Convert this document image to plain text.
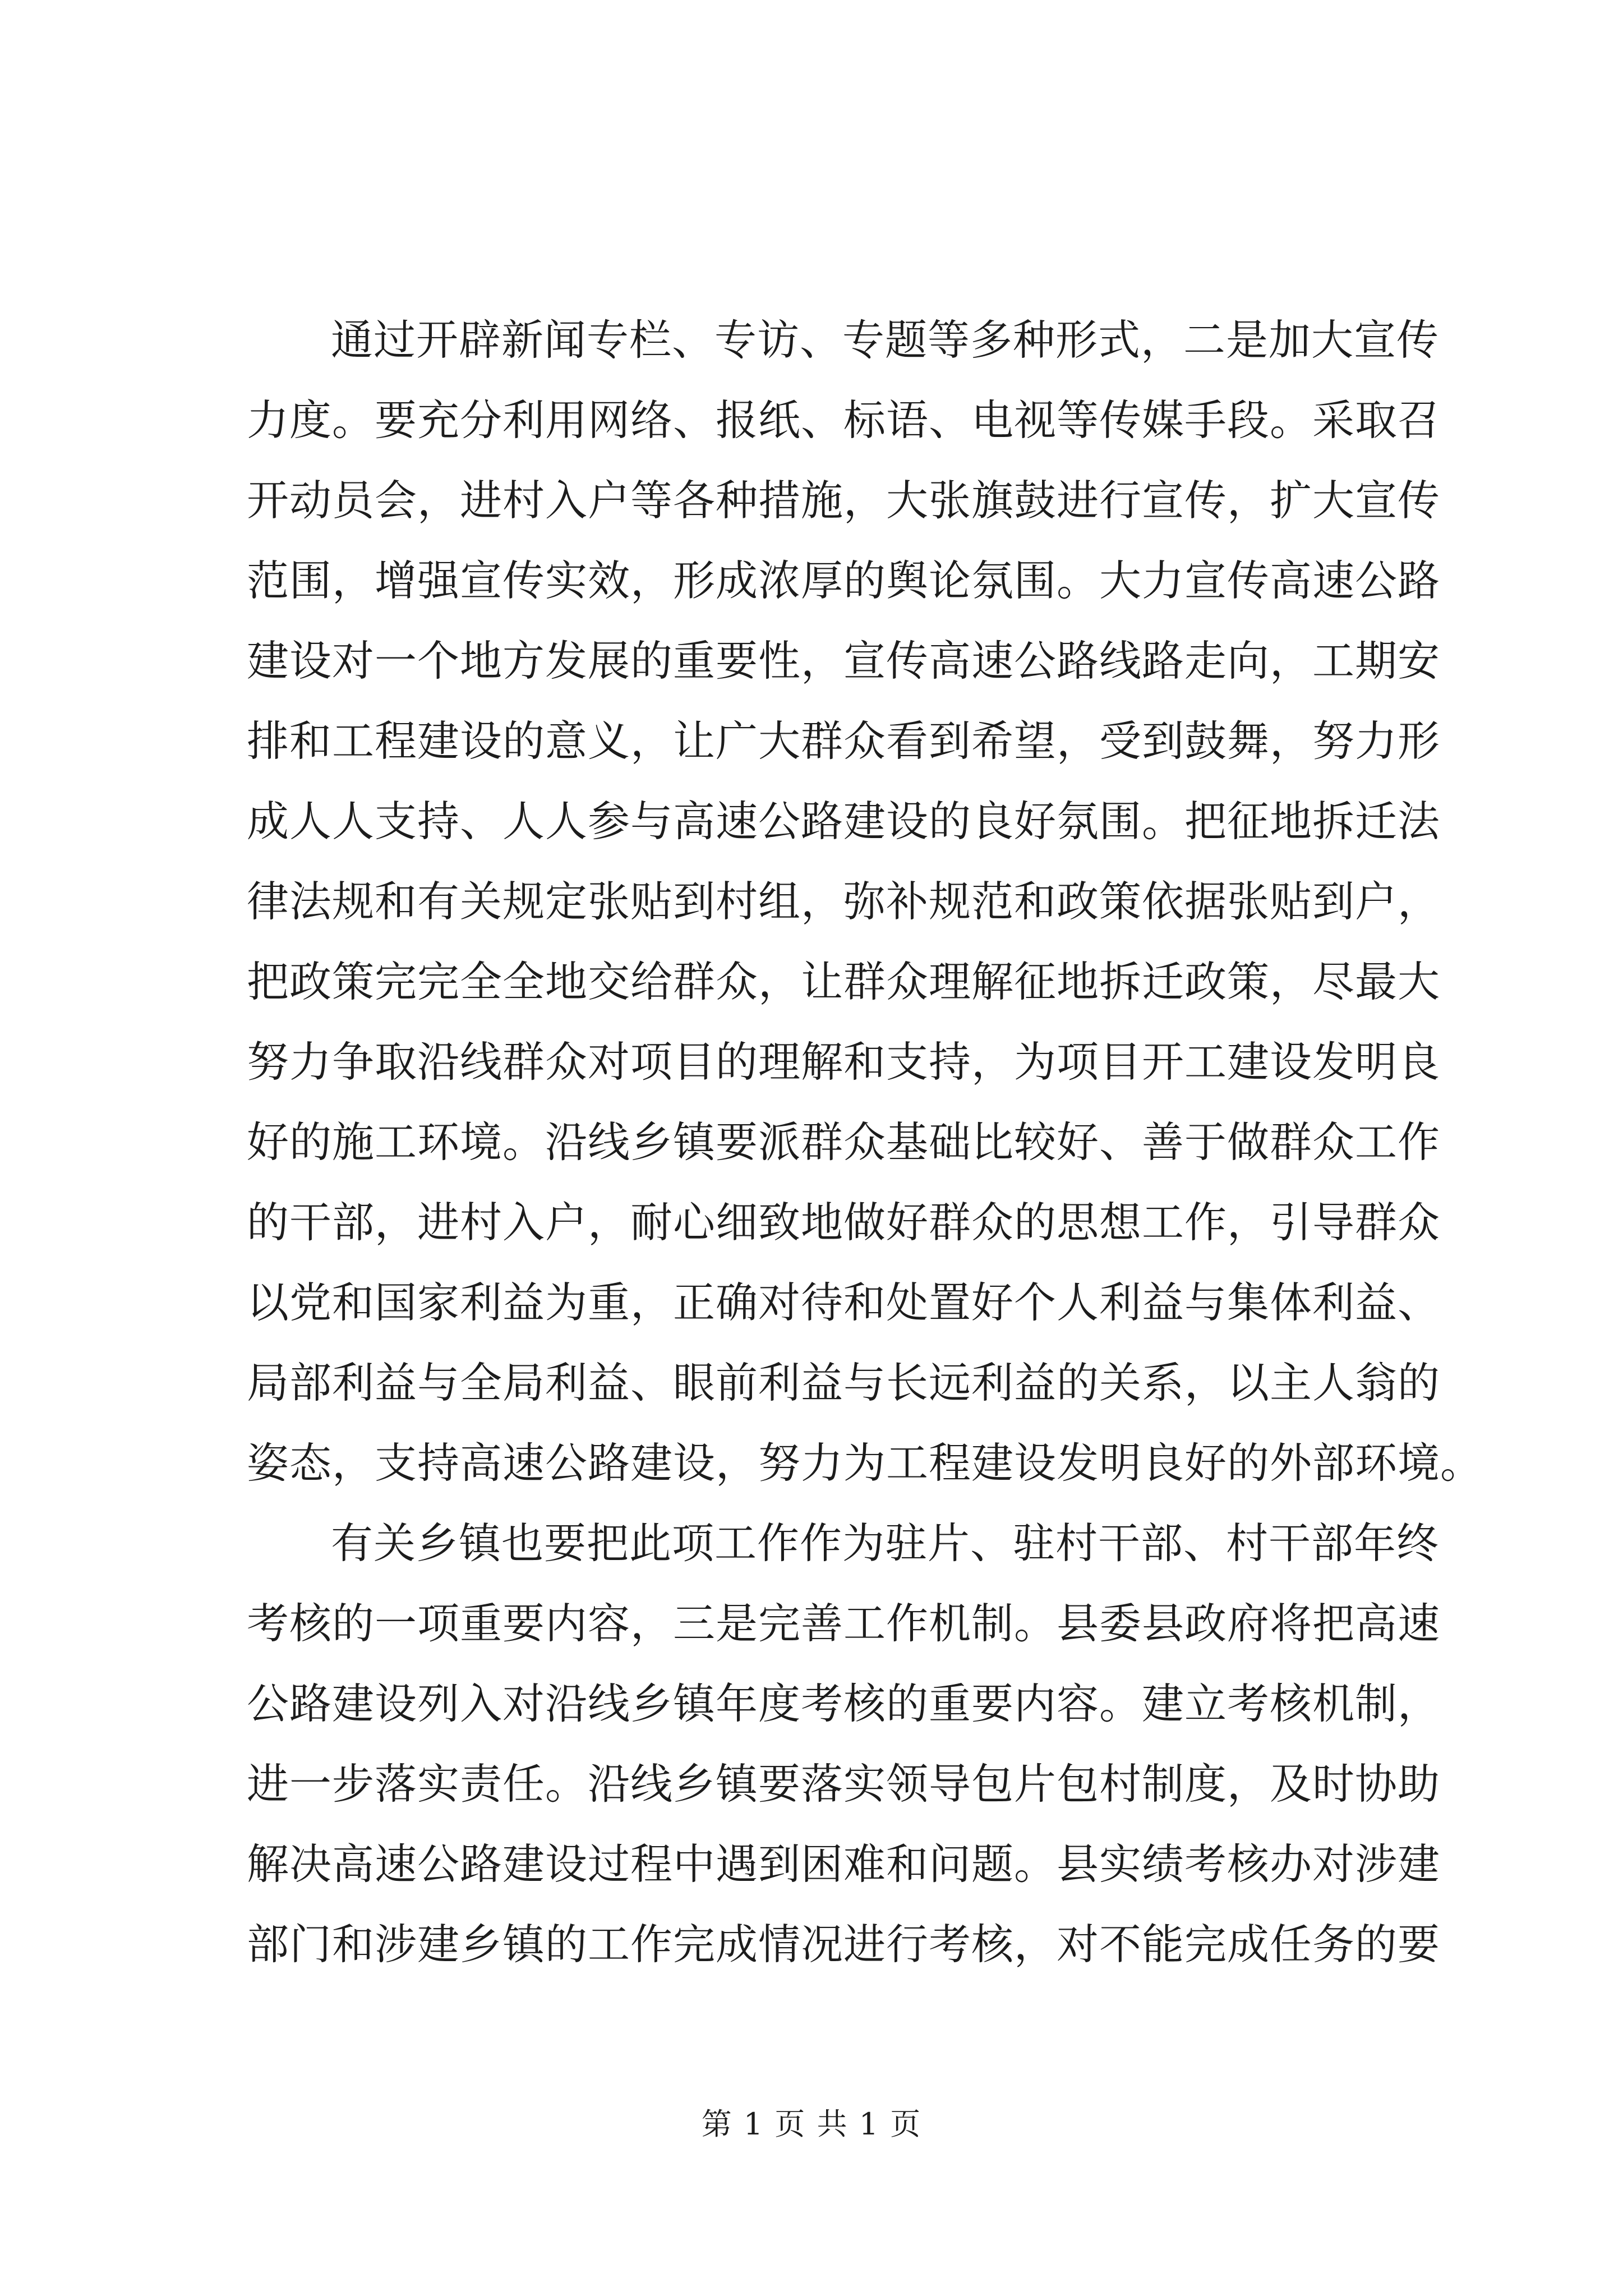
通过开辟新闻专栏、专访、专题等多种形式，二是加大宣传
力度。要充分利用网络、报纸、标语、电视等传媒手段。采取召
开动员会，进村入户等各种措施，大张旗鼓进行宣传，扩大宣传
范围，增强宣传实效，形成浓厚的舆论氛围。大力宣传高速公路
建设对一个地方发展的重要性，宣传高速公路线路走向，工期安
排和工程建设的意义，让广大群众看到希望，受到鼓舞，努力形
成人人支持、人人参与高速公路建设的良好氛围。把征地拆迁法
律法规和有关规定张贴到村组，弥补规范和政策依据张贴到户，
把政策完完全全地交给群众，让群众理解征地拆迁政策，尽最大
努力争取沿线群众对项目的理解和支持，为项目开工建设发明良
好的施工环境。沿线乡镇要派群众基础比较好、善于做群众工作
的干部，进村入户，耐心细致地做好群众的思想工作，引导群众
以党和国家利益为重，正确对待和处置好个人利益与集体利益、
局部利益与全局利益、眼前利益与长远利益的关系，以主人翁的
姿态，支持高速公路建设，努力为工程建设发明良好的外部环境。
有关乡镇也要把此项工作作为驻片、驻村干部、村干部年终
考核的一项重要内容，三是完善工作机制。县委县政府将把高速
公路建设列入对沿线乡镇年度考核的重要内容。建立考核机制，
进一步落实责任。沿线乡镇要落实领导包片包村制度，及时协助
解决高速公路建设过程中遇到困难和问题。县实绩考核办对涉建
部门和涉建乡镇的工作完成情况进行考核，对不能完成任务的要
第 1 页 共 1 页
